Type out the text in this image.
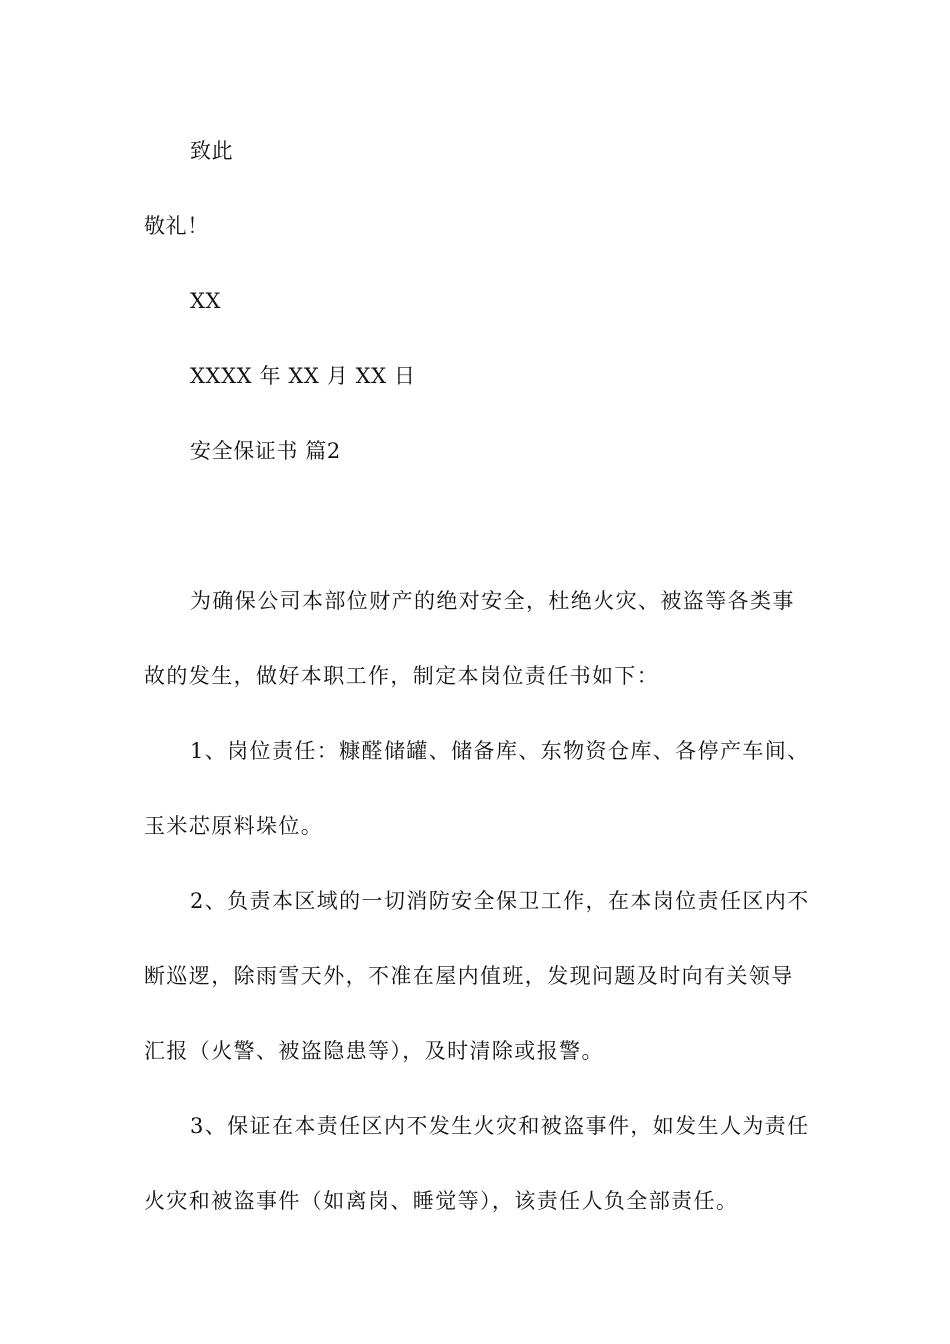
致此
敬礼！
XX
XXXX 年 XX 月 XX 日
安全保证书 篇2
为确保公司本部位财产的绝对安全，杜绝火灾、被盗等各类事
故的发生，做好本职工作，制定本岗位责任书如下：
1、岗位责任：糠醛储罐、储备库、东物资仓库、各停产车间、
玉米芯原料垛位。
2、负责本区域的一切消防安全保卫工作，在本岗位责任区内不
断巡逻，除雨雪天外，不准在屋内值班，发现问题及时向有关领导
汇报（火警、被盗隐患等），及时清除或报警。
3、保证在本责任区内不发生火灾和被盗事件，如发生人为责任
火灾和被盗事件（如离岗、睡觉等），该责任人负全部责任。
